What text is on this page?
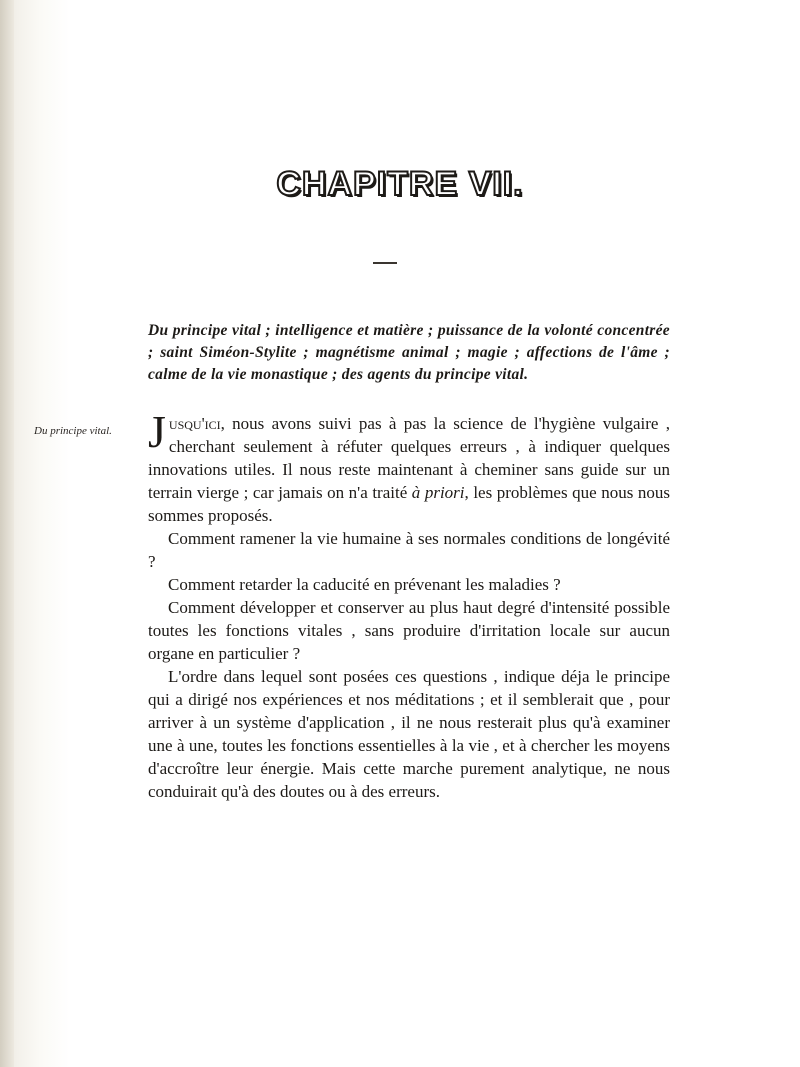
CHAPITRE VII.
Du principe vital ; intelligence et matière ; puissance de la volonté concentrée ; saint Siméon-Stylite ; magnétisme animal ; magie ; affections de l'âme ; calme de la vie monastique ; des agents du principe vital.
Du principe vital. Jusqu'ici, nous avons suivi pas à pas la science de l'hygiène vulgaire , cherchant seulement à réfuter quelques erreurs , à indiquer quelques innovations utiles. Il nous reste maintenant à cheminer sans guide sur un terrain vierge ; car jamais on n'a traité à priori, les problèmes que nous nous sommes proposés.

Comment ramener la vie humaine à ses normales conditions de longévité ?

Comment retarder la caducité en prévenant les maladies ?

Comment développer et conserver au plus haut degré d'intensité possible toutes les fonctions vitales , sans produire d'irritation locale sur aucun organe en particulier ?

L'ordre dans lequel sont posées ces questions , indique déja le principe qui a dirigé nos expériences et nos méditations ; et il semblerait que , pour arriver à un système d'application , il ne nous resterait plus qu'à examiner une à une, toutes les fonctions essentielles à la vie , et à chercher les moyens d'accroître leur énergie. Mais cette marche purement analytique, ne nous conduirait qu'à des doutes ou à des erreurs.
